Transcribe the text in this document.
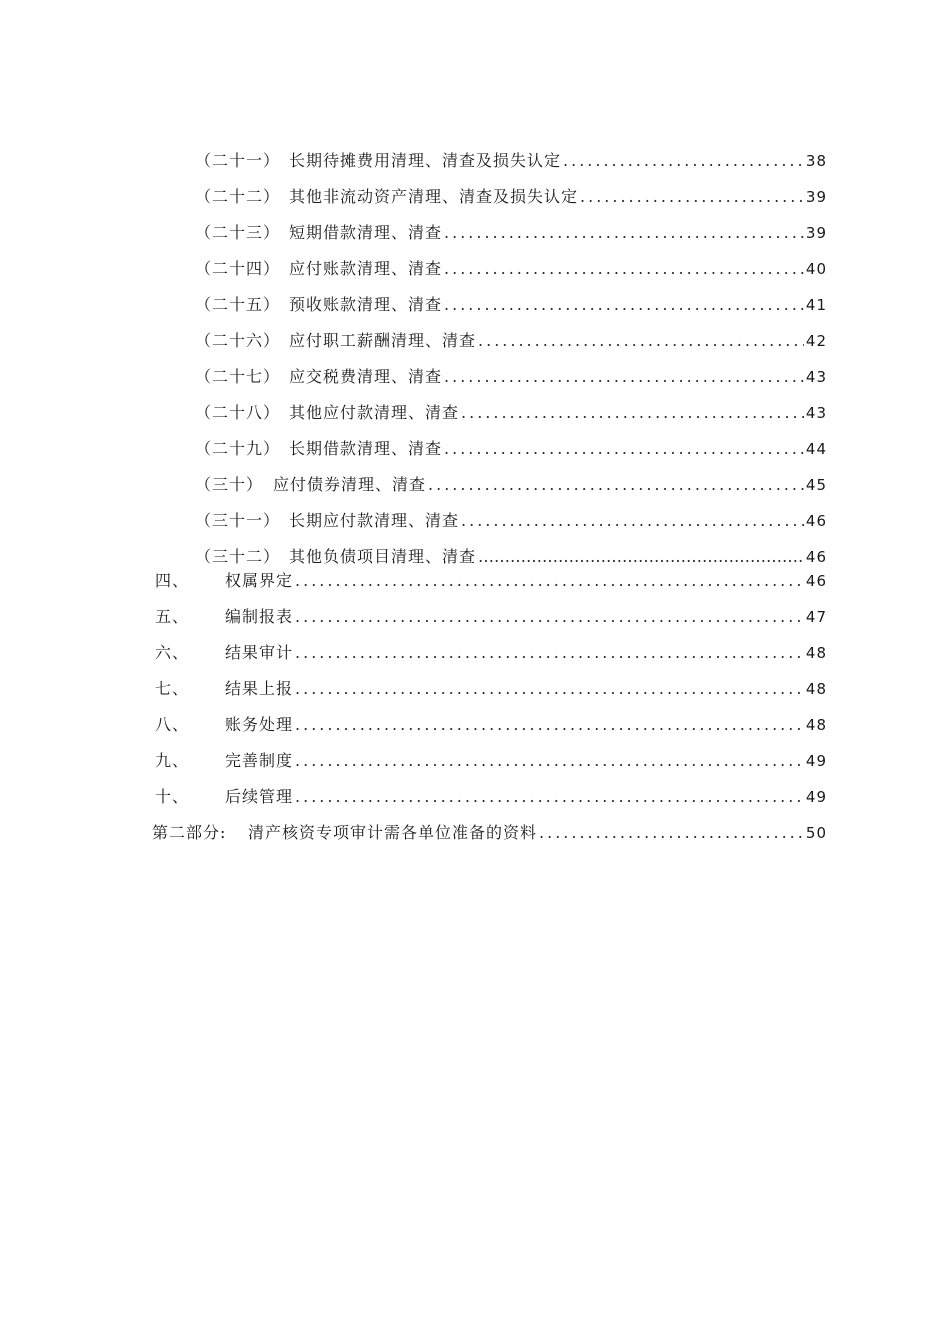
（二十一） 长期待摊费用清理、清查及损失认定 .....	38
（二十二） 其他非流动资产清理、清查及损失认定 .....	39
（二十三） 短期借款清理、清查 .....	39
（二十四） 应付账款清理、清查 .....	40
（二十五） 预收账款清理、清查 .....	41
（二十六） 应付职工薪酬清理、清查 .....	42
（二十七） 应交税费清理、清查 .....	43
（二十八） 其他应付款清理、清查 .....	43
（二十九） 长期借款清理、清查 .....	44
（三十） 应付债券清理、清查 .....	45
（三十一） 长期应付款清理、清查 .....	46
（三十二） 其他负债项目清理、清查 ………………………………………………………………………………………………………………………………………………………………………………	46
四、	权属界定 .....	46
五、	编制报表 .....	47
六、	结果审计 .....	48
七、	结果上报 .....	48
八、	账务处理 .....	48
九、	完善制度 .....	49
十、	后续管理 .....	49
第二部分:	清产核资专项审计需各单位准备的资料 .....	50
